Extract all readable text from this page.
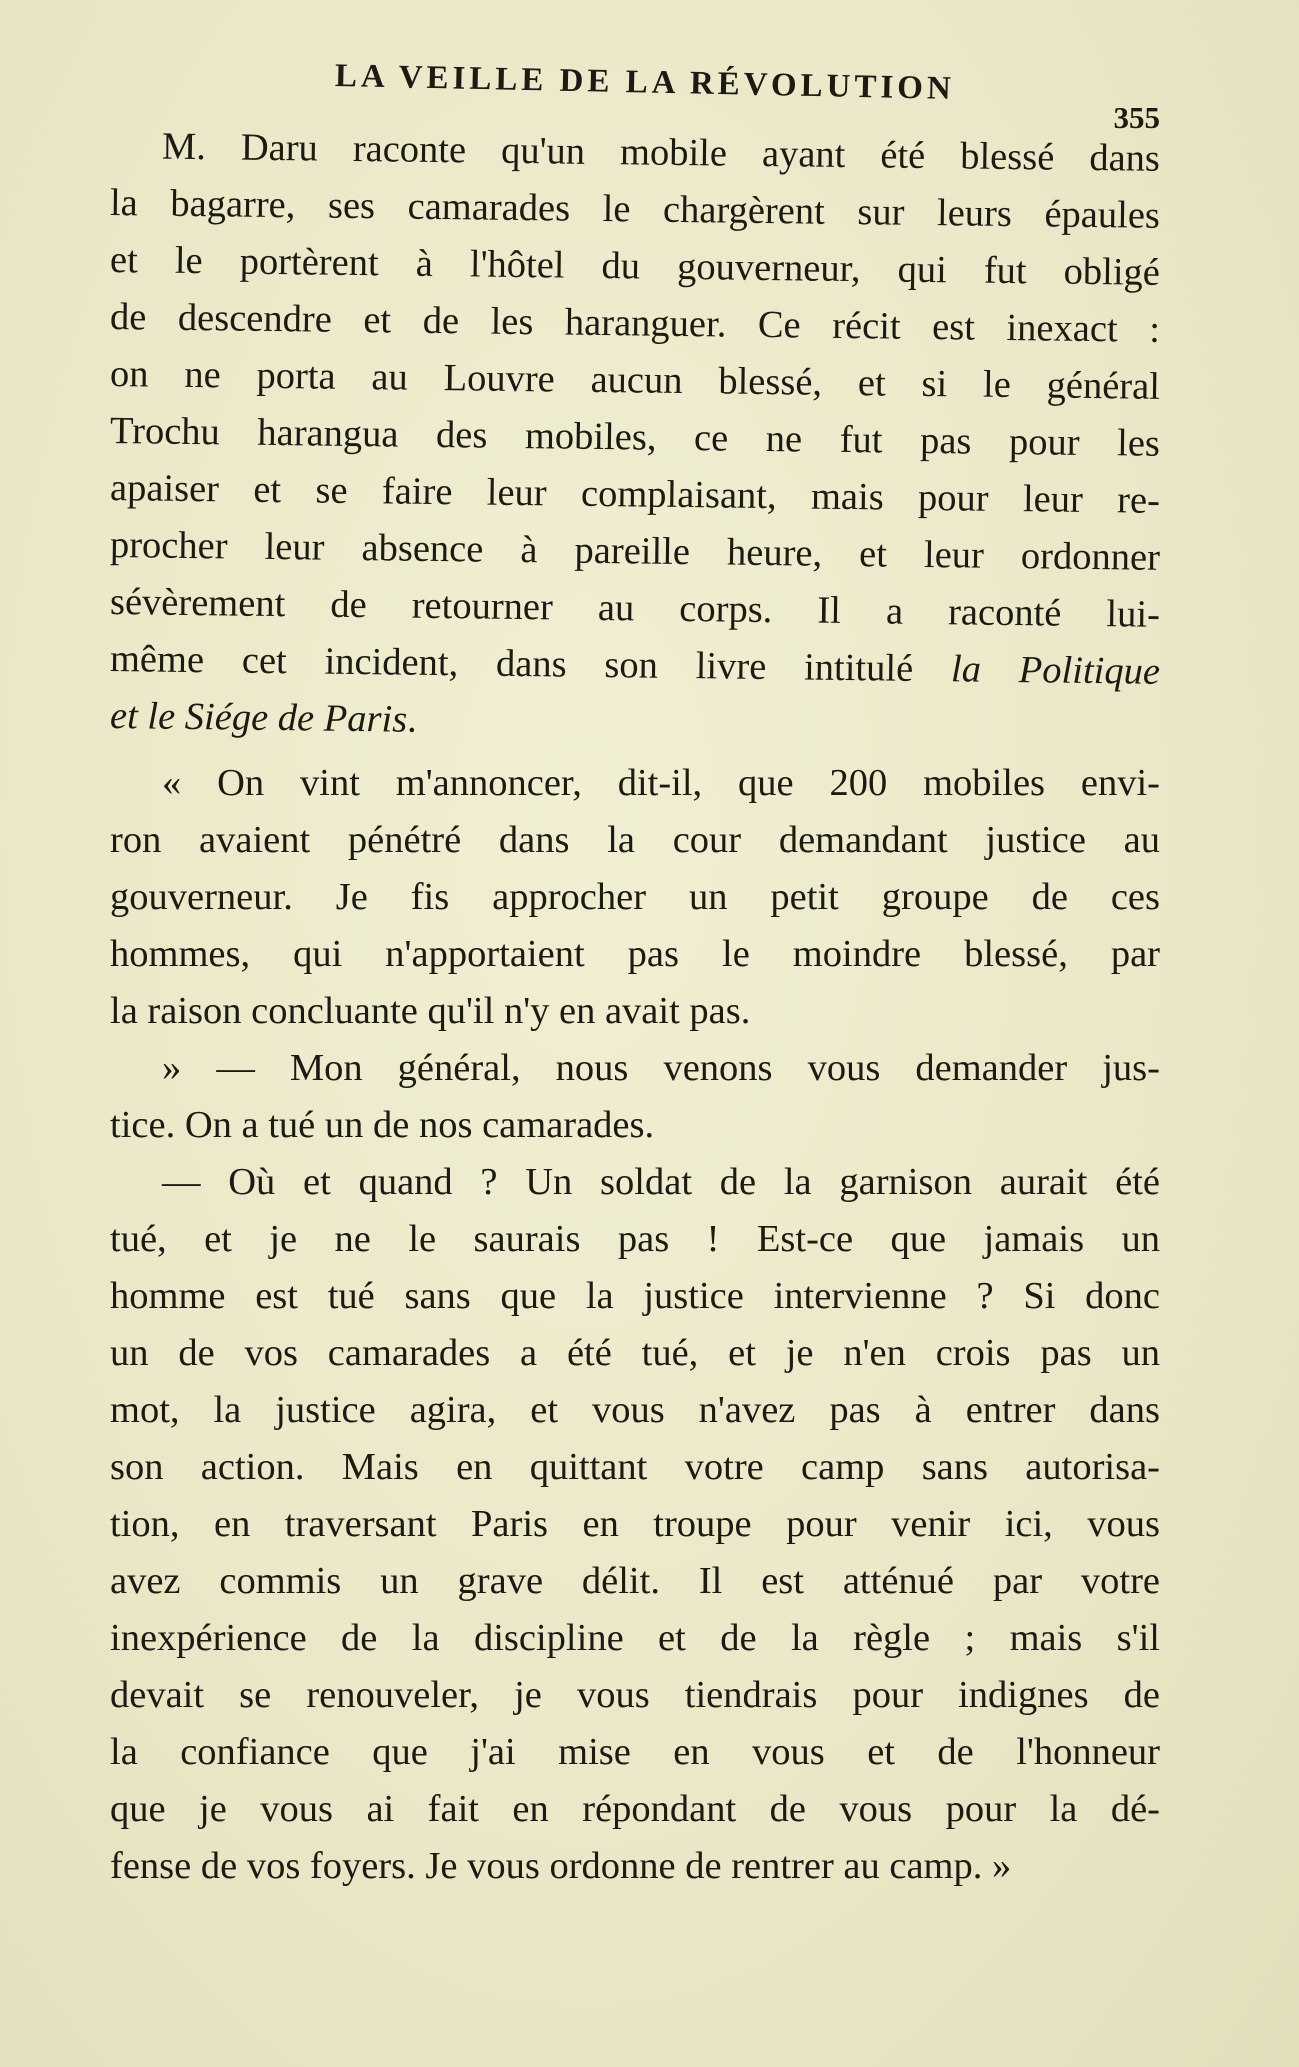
LA VEILLE DE LA RÉVOLUTION
355
M. Daru raconte qu'un mobile ayant été blessé dans
la bagarre, ses camarades le chargèrent sur leurs épaules
et le portèrent à l'hôtel du gouverneur, qui fut obligé
de descendre et de les haranguer. Ce récit est inexact :
on ne porta au Louvre aucun blessé, et si le général
Trochu harangua des mobiles, ce ne fut pas pour les
apaiser et se faire leur complaisant, mais pour leur re-
procher leur absence à pareille heure, et leur ordonner
sévèrement de retourner au corps. Il a raconté lui-
même cet incident, dans son livre intitulé la Politique
et le Siége de Paris.
« On vint m'annoncer, dit-il, que 200 mobiles envi-
ron avaient pénétré dans la cour demandant justice au
gouverneur. Je fis approcher un petit groupe de ces
hommes, qui n'apportaient pas le moindre blessé, par
la raison concluante qu'il n'y en avait pas.
» — Mon général, nous venons vous demander jus-
tice. On a tué un de nos camarades.
— Où et quand ? Un soldat de la garnison aurait été
tué, et je ne le saurais pas ! Est-ce que jamais un
homme est tué sans que la justice intervienne ? Si donc
un de vos camarades a été tué, et je n'en crois pas un
mot, la justice agira, et vous n'avez pas à entrer dans
son action. Mais en quittant votre camp sans autorisa-
tion, en traversant Paris en troupe pour venir ici, vous
avez commis un grave délit. Il est atténué par votre
inexpérience de la discipline et de la règle ; mais s'il
devait se renouveler, je vous tiendrais pour indignes de
la confiance que j'ai mise en vous et de l'honneur
que je vous ai fait en répondant de vous pour la dé-
fense de vos foyers. Je vous ordonne de rentrer au camp. »
